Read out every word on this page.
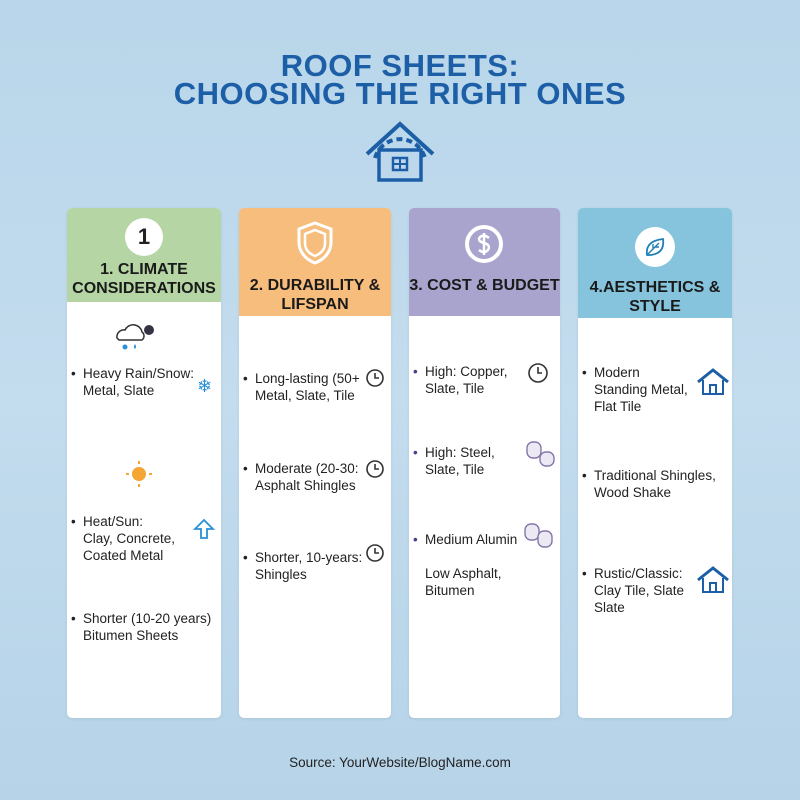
ROOF SHEETS:
CHOOSING THE RIGHT ONES
1
1. CLIMATE CONSIDERATIONS
• Heavy Rain/Snow:
Metal, Slate	❄
• Heat/Sun:
Clay, Concrete,
Coated Metal
• Shorter (10-20 years)
Bitumen Sheets
2. DURABILITY & LIFSPAN
• Long-lasting (50+
Metal, Slate, Tile
• Moderate (20-30:
Asphalt Shingles
• Shorter, 10-years:
Shingles
3. COST & BUDGET
• High: Copper,
Slate, Tile
• High: Steel,
Slate, Tile
• Medium Alumin
Low Asphalt,
Bitumen
4.AESTHETICS & STYLE
• Modern
Standing Metal,
Flat Tile
• Traditional Shingles,
Wood Shake
• Rustic/Classic:
Clay Tile, Slate
Slate
Source: YourWebsite/BlogName.com
